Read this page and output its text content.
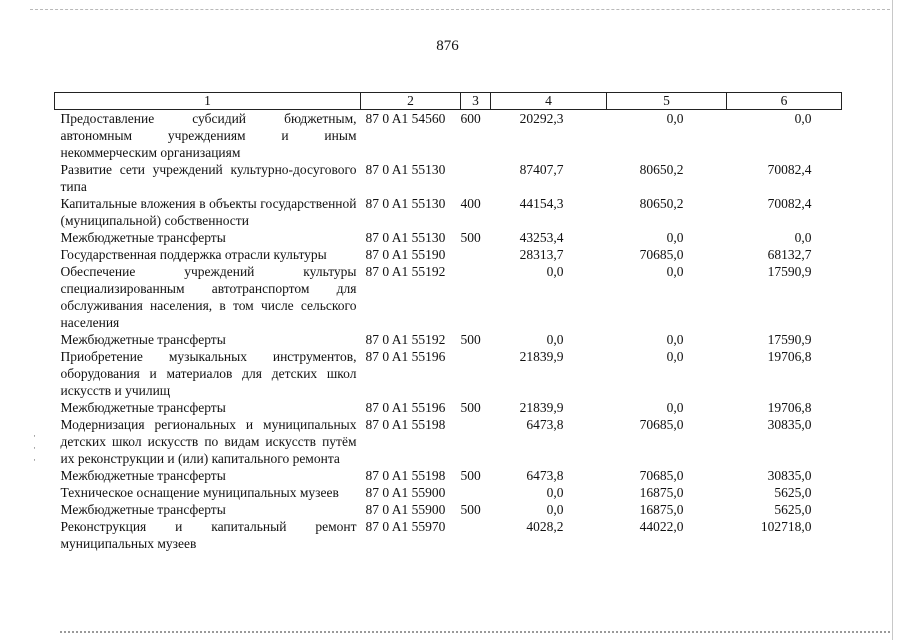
·
·
·
876
1	2	3	4	5	6
Предоставление субсидий бюджетным, автономным учреждениям и иным некоммерческим организациям	87 0 A1 54560	600	20292,3	0,0	0,0
Развитие сети учреждений культурно-досугового типа	87 0 A1 55130		87407,7	80650,2	70082,4
Капитальные вложения в объекты государственной (муниципальной) собственности	87 0 A1 55130	400	44154,3	80650,2	70082,4
Межбюджетные трансферты	87 0 A1 55130	500	43253,4	0,0	0,0
Государственная поддержка отрасли культуры	87 0 A1 55190		28313,7	70685,0	68132,7
Обеспечение учреждений культуры специализированным автотранспортом для обслуживания населения, в том числе сельского населения	87 0 A1 55192		0,0	0,0	17590,9
Межбюджетные трансферты	87 0 A1 55192	500	0,0	0,0	17590,9
Приобретение музыкальных инструментов, оборудования и материалов для детских школ искусств и училищ	87 0 A1 55196		21839,9	0,0	19706,8
Межбюджетные трансферты	87 0 A1 55196	500	21839,9	0,0	19706,8
Модернизация региональных и муниципальных детских школ искусств по видам искусств путём их реконструкции и (или) капитального ремонта	87 0 A1 55198		6473,8	70685,0	30835,0
Межбюджетные трансферты	87 0 A1 55198	500	6473,8	70685,0	30835,0
Техническое оснащение муниципальных музеев	87 0 A1 55900		0,0	16875,0	5625,0
Межбюджетные трансферты	87 0 A1 55900	500	0,0	16875,0	5625,0
Реконструкция и капитальный ремонт муниципальных музеев	87 0 A1 55970		4028,2	44022,0	102718,0
